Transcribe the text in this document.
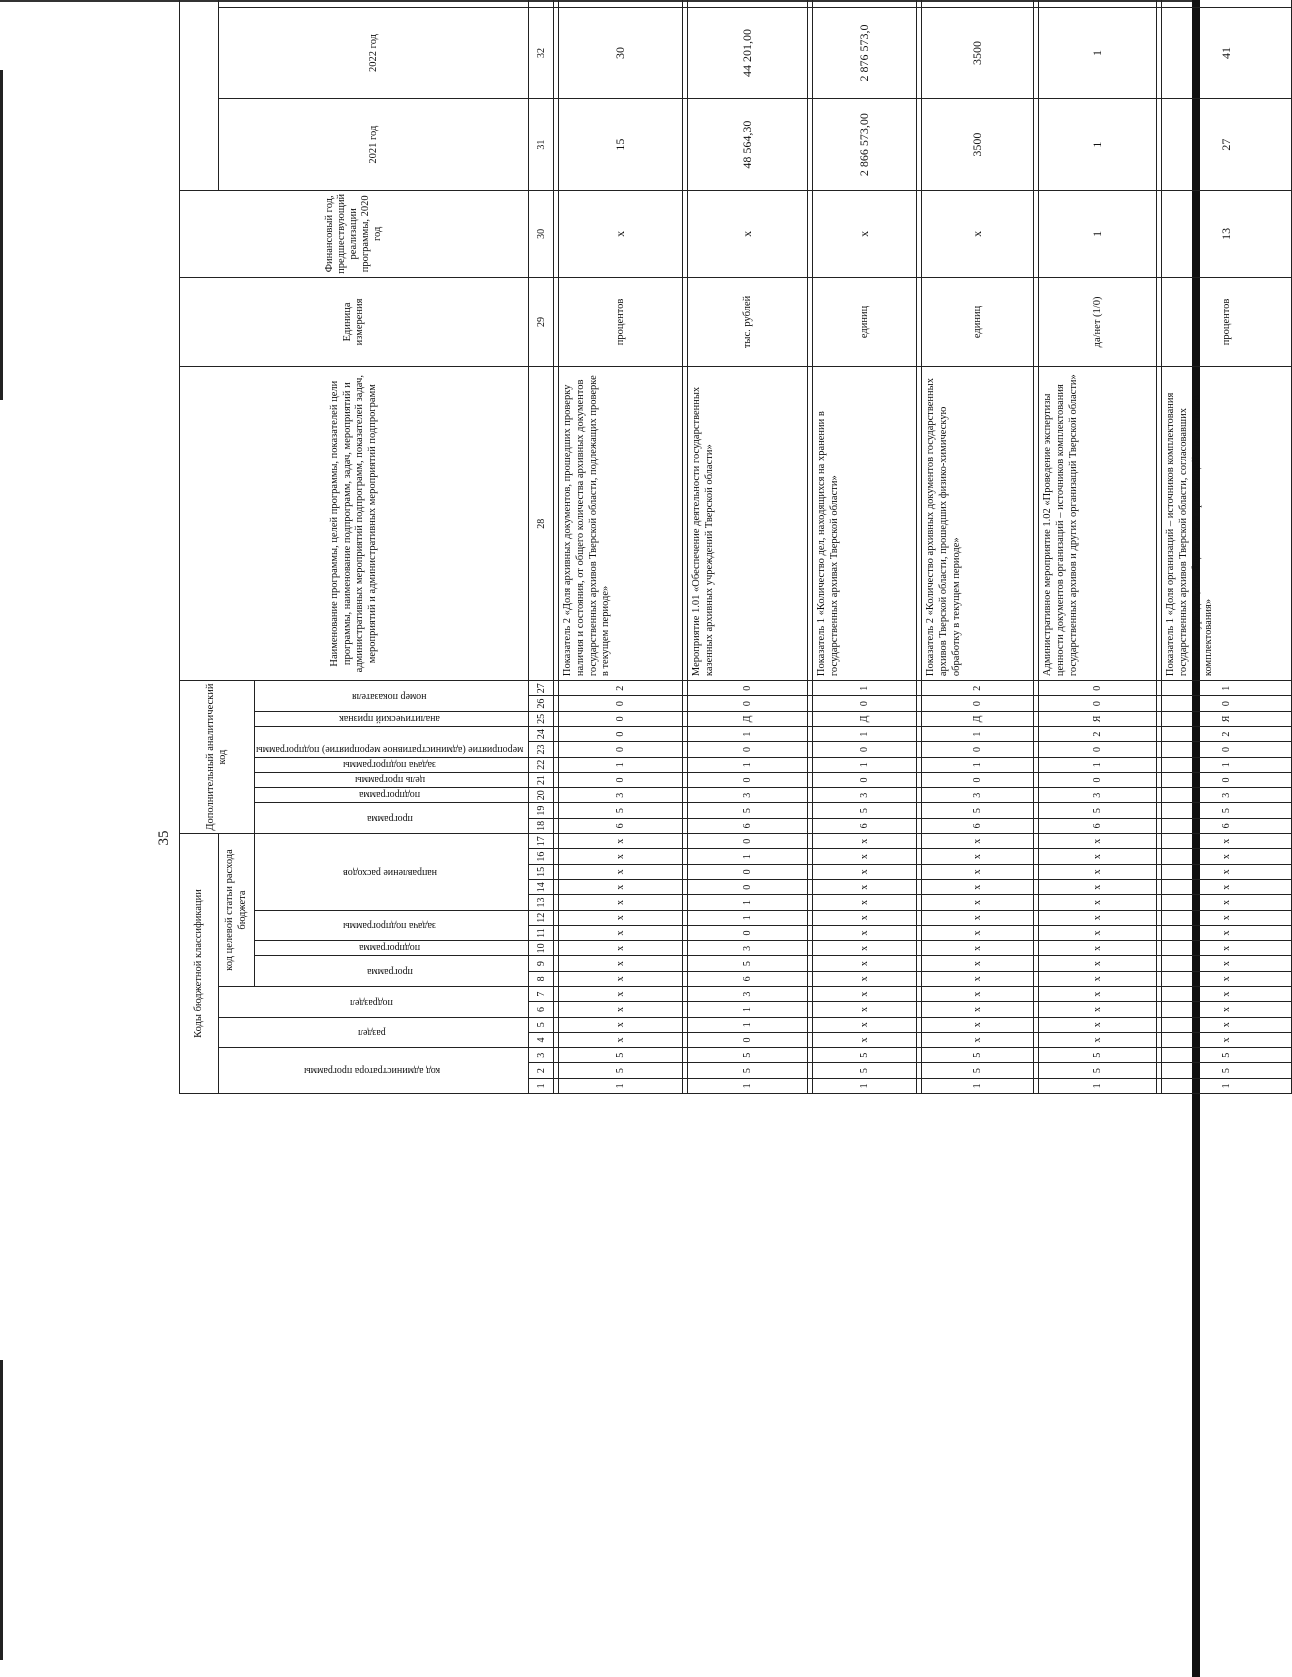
35
Коды бюджетной классификации																	Дополнительный аналитический код										Наименование программы, целей программы, показателей цели программы, наименование подпрограмм, задач, мероприятий и административных мероприятий подпрограмм, показателей задач, мероприятий и административных мероприятий подпрограмм	Единица измерения	Финансовый год, предшествующий реализации программы, 2020 год		
код администратора программы			раздел		подраздел		код целевой статьи расхода бюджета																							2021 год	2022 год				
							программа		подпрограмма	задача подпрограммы		направление расходов					программа		подпрограмма	цель программы	задача подпрограммы	мероприятие (административное мероприятие) подпрограммы		аналитический признак	номер показателя	

1	2	3	4	5	6	7	8	9	10	11	12	13	14	15	16	17	18	19	20	21	22	23	24	25	26	27	28	29	30	31	32					

1	5	5	х	х	х	х	х	х	х	х	х	х	х	х	х	х	6	5	3	0	1	0	0	0	0	2	Показатель 2 «Доля архивных документов, прошедших проверку наличия и состояния, от общего количества архивных документов государственных архивов Тверской области, подлежащих проверке в текущем периоде»	процентов	х	15	30					

1	5	5	0	1	1	3	6	5	3	0	1	1	0	0	1	0	6	5	3	0	1	0	1	Д	0	0	Мероприятие 1.01 «Обеспечение деятельности государственных казенных архивных учреждений Тверской области»	тыс. рублей	х	48 564,30	44 201,00					

1	5	5	х	х	х	х	х	х	х	х	х	х	х	х	х	х	6	5	3	0	1	0	1	Д	0	1	Показатель 1 «Количество дел, находящихся на хранении в государственных архивах Тверской области»	единиц	х	2 866 573,00	2 876 573,0					

1	5	5	х	х	х	х	х	х	х	х	х	х	х	х	х	х	6	5	3	0	1	0	1	Д	0	2	Показатель 2 «Количество архивных документов государственных архивов Тверской области, прошедших физико-химическую обработку в текущем периоде»	единиц	х	3500	3500					

1	5	5	х	х	х	х	х	х	х	х	х	х	х	х	х	х	6	5	3	0	1	0	2	Я	0	0	Административное мероприятие 1.02 «Проведение экспертизы ценности документов организаций – источников комплектования государственных архивов и других организаций Тверской области»	да/нет (1/0)	1	1	1					

1	5	5	х	х	х	х	х	х	х	х	х	х	х	х	х	х	6	5	3	0	1	0	2	Я	0	1	Показатель 1 «Доля организаций – источников комплектования государственных архивов Тверской области, согласовавших номенклатуры дел, от общего числа организаций – источников комплектования»	процентов	13	27	41					
